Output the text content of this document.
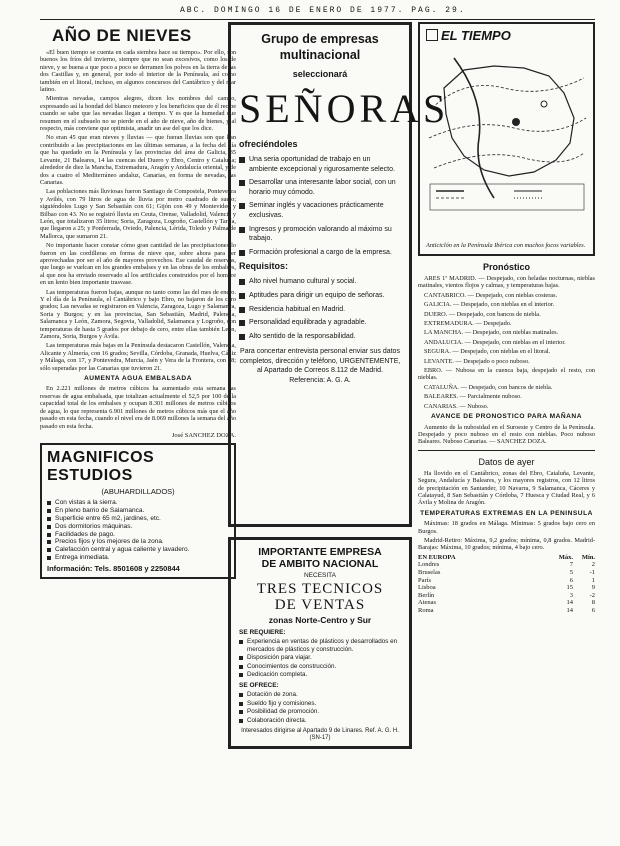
ABC. DOMINGO 16 DE ENERO DE 1977. PAG. 29.
AÑO DE NIEVES

«El buen tiempo se cuenta en cada siembra hace su tiempo». Por ello, son buenos los fríos del invierno, siempre que no sean excesivos, como los de nieve, y se buena a que poco a poco se derramen los polvos en la tierra de las dos Castillas y, en general, por todo el interior de la Península, así como también en el litoral, incluso, en algunos concursos del Cantábrico y del mar latino.

Mientras nevadas, campos alegres, dicen los nombres del campo, expresando así la bondad del blanco meteoro y los beneficios que de él recibe cuando se sabe que las nevadas llegan a tiempo. Y es que la humedad que resumen en el subsuelo no se pierde en el año de nieve, año de bienes, y al respecto, más conviene que optimista, anadir un ase del que los dice.

No eran 45 que eran nieves y lluvias — que fueran lluvias son que han contribuido a las precipitaciones en las últimas semanas, a la fecha del día que ha quedado en la Península y las provincias del área de Galicia, 35 Levante, 21 Baleares, 14 las cuencas del Duero y Ebro, Centro y Cataluña; alrededor de diez la Mancha, Extremadura, Aragón y Andalucía oriental, y de dos a cuatro el Mediterráneo andaluz, Canarias, en forma de nevadas, las Canarias.

Las poblaciones más lluviosas fueron Santiago de Compostela, Pontevedra y Avilés, con 79 litros de agua de lluvia por metro cuadrado de suelo; siguiéndoles Lugo y San Sebastián con 61; Gijón con 49 y Montevideo y Bilbao con 43. No se registró lluvia en Ceuta, Orense, Valladolid, Valencia y León, que totalizaron 35 litros; Soria, Zaragoza, Logroño, Castellón y Tarifa, que llegaron a 25; y Ponferrada, Oviedo, Palencia, Lérida, Toledo y Palma de Mallorca, que sumaron 21.

No importante hacer constar cómo gran cantidad de las precipitaciones lo fueron en las cordilleras en forma de nieve que, sobre ahora para ser aprovechadas por ser el año de mayores provechos. Ese caudal de reservas, que luego se vuelcan en los grandes embalses y en las obras de los embalses, al que nos ha enviado reservado al los artificiales construidos por el hombre en un lento bien importante trasvase.

Las temperaturas fueron bajas, aunque no tanto como las del mes de enero. Y el día de la Península, el Cantábrico y bajo Ebro, no bajaron de los cero grados; Las nevadas se registraron en Valencia, Zaragoza, Lugo y Salamanca, Soria y Burgos; y en las provincias, San Sebastián, Madrid, Palencia, Salamanca y León, Zamora, Segovia, Valladolid, Salamanca y Logroño, con temperaturas de hasta 5 grados por debajo de cero, entre ellas también León, Zamora, Soria, Burgos y Ávila.

Las temperaturas más bajas en la Península destacaron Castellón, Valencia, Alicante y Almería, con 16 grados; Sevilla, Córdoba, Granada, Huelva, Cádiz y Málaga, con 17, y Pontevedra, Murcia, Jaén y Vera de la Frontera, con 18; sólo superadas por las Canarias que tuvieron 21.

AUMENTA AGUA EMBALSADA

En 2.221 millones de metros cúbicos ha aumentado esta semana las reservas de agua embalsada, que totalizan actualmente el 52,5 por 100 de la capacidad total de los embalses y ocupan 8.301 millones de metros cúbicos de agua, lo que representa 6.901 millones de metros cúbicos más que el año pasado en esta fecha, cuando el nivel era de 8.069 millones la semana del año pasado en esta fecha.

José SANCHEZ DOZA.
MAGNIFICOS ESTUDIOS
(ABUHARDILLADOS)
Con vistas a la sierra.
En pleno barrio de Salamanca.
Superficie entre 65 m2, jardines, etc.
Dos dormitorios máquinas.
Facilidades de pago.
Precios fijos y los mejores de la zona.
Calefacción central y agua caliente y lavadero.
Entrega inmediata.
Información: Tels. 8501608 y 2250844
Grupo de empresas
multinacional
seleccionará
SEÑORAS
ofreciéndoles
Una seria oportunidad de trabajo en un ambiente excepcional y rigurosamente selecto.
Desarrollar una interesante labor social, con un horario muy cómodo.
Seminar inglés y vacaciones prácticamente exclusivas.
Ingresos y promoción valorando al máximo su trabajo.
Formación profesional a cargo de la empresa.
Requisitos:
Alto nivel humano cultural y social.
Aptitudes para dirigir un equipo de señoras.
Residencia habitual en Madrid.
Personalidad equilibrada y agradable.
Alto sentido de la responsabilidad.
Para concertar entrevista personal enviar sus datos completos, dirección y teléfono, URGENTEMENTE, al Apartado de Correos 8.112 de Madrid. Referencia: A. G. A.
IMPORTANTE EMPRESA
DE AMBITO NACIONAL
NECESITA
TRES TECNICOS
DE VENTAS
zonas Norte-Centro y Sur
SE REQUIERE:
Experiencia en ventas de plásticos y desarrollados en mercados de plásticos y construcción.
Disposición para viajar.
Conocimientos de construcción.
Dedicación completa.
SE OFRECE:
Dotación de zona.
Sueldo fijo y comisiones.
Posibilidad de promoción.
Colaboración directa.
Interesados dirigirse al Apartado 9 de Linares. Ref. A. G. H. (SN-17)
EL TIEMPO
Anticiclón en la Península Ibérica con muchos focos variables.
Pronóstico

ARES 1ª MADRID. — Despejado, con heladas nocturnas, nieblas matinales, vientos flojos y calmas, y temperaturas bajas.

CANTABRICO. — Despejado, con nieblas costeras.

GALICIA. — Despejado, con nieblas en el interior.

DUERO. — Despejado, con bancos de niebla.

EXTREMADURA. — Despejado.

LA MANCHA. — Despejado, con nieblas matinales.

ANDALUCIA. — Despejado, con nieblas en el interior.

SEGURA. — Despejado, con nieblas en el litoral.

LEVANTE. — Despejado o poco nuboso.

EBRO. — Nubosa en la cuenca baja, despejado el resto, con nieblas.

CATALUÑA. — Despejado, con bancos de niebla.

BALEARES. — Parcialmente nuboso.

CANARIAS. — Nuboso.

AVANCE DE PRONOSTICO PARA MAÑANA

Aumento de la nubosidad en el Suroeste y Centro de la Península. Despejado y poco nuboso en el resto con nieblas. Poco nuboso Baleares. Nuboso Canarias. — SANCHEZ DOZA.

Datos de ayer

Ha llovido en el Cantábrico, zonas del Ebro, Cataluña, Levante, Segura, Andalucía y Baleares, y los mayores registros, con 12 litros de precipitación en Santander, 10 Navarra, 9 Salamanca, Cáceres y Calatayud, 8 San Sebastián y Córdoba, 7 Huesca y Ciudad Real, y 6 Ávila y Molina de Aragón.

TEMPERATURAS EXTREMAS EN LA PENINSULA

Máximas: 18 grados en Málaga. Mínimas: 5 grados bajo cero en Burgos.

Madrid-Retiro: Máxima, 9,2 grados; mínima, 0,8 grados. Madrid-Barajas: Máxima, 10 grados; mínima, 4 bajo cero.

EN EUROPA	Máx.	Mín.
Londres	7	2
Bruselas	5	-1
París	6	1
Lisboa	15	9
Berlín	3	-2
Atenas	14	8
Roma	14	6
